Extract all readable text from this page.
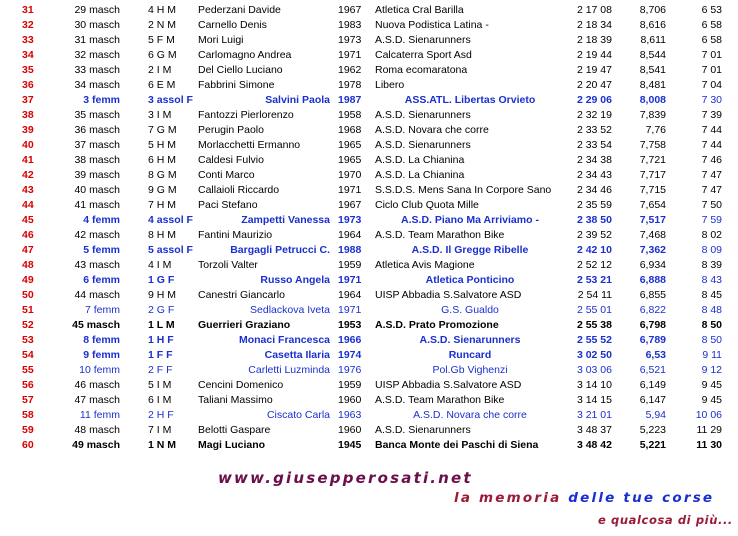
31	29 masch	4 H M	Pederzani Davide	1967	Atletica Cral Barilla	2 17 08	8,706	6 53
32	30 masch	2 N M	Carnello Denis	1983	Nuova Podistica Latina -	2 18 34	8,616	6 58
33	31 masch	5 F M	Mori Luigi	1973	A.S.D. Sienarunners	2 18 39	8,611	6 58
34	32 masch	6 G M	Carlomagno Andrea	1971	Calcaterra Sport Asd	2 19 44	8,544	7 01
35	33 masch	2 I M	Del Ciello Luciano	1962	Roma ecomaratona	2 19 47	8,541	7 01
36	34 masch	6 E M	Fabbrini Simone	1978	Libero	2 20 47	8,481	7 04
37	3 femm	3 assol F	Salvini Paola 1987	ASS.ATL. Libertas Orvieto	2 29 06	8,008	7 30
38	35 masch	3 I M	Fantozzi Pierlorenzo	1958	A.S.D. Sienarunners	2 32 19	7,839	7 39
39	36 masch	7 G M	Perugin Paolo	1968	A.S.D. Novara che corre	2 33 52	7,76	7 44
40	37 masch	5 H M	Morlacchetti Ermanno	1965	A.S.D. Sienarunners	2 33 54	7,758	7 44
41	38 masch	6 H M	Caldesi Fulvio	1965	A.S.D. La Chianina	2 34 38	7,721	7 46
42	39 masch	8 G M	Conti Marco	1970	A.S.D. La Chianina	2 34 43	7,717	7 47
43	40 masch	9 G M	Callaioli Riccardo	1971	S.S.D.S. Mens Sana In Corpore Sano	2 34 46	7,715	7 47
44	41 masch	7 H M	Paci Stefano	1967	Ciclo Club Quota Mille	2 35 59	7,654	7 50
45	4 femm	4 assol F	Zampetti Vanessa 1973	A.S.D. Piano Ma Arriviamo -	2 38 50	7,517	7 59
46	42 masch	8 H M	Fantini Maurizio	1964	A.S.D. Team Marathon Bike	2 39 52	7,468	8 02
47	5 femm	5 assol F	Bargagli Petrucci C. 1988	A.S.D. Il Gregge Ribelle	2 42 10	7,362	8 09
48	43 masch	4 I M	Torzoli Valter	1959	Atletica Avis Magione	2 52 12	6,934	8 39
49	6 femm	1 G F	Russo Angela 1971	Atletica Ponticino	2 53 21	6,888	8 43
50	44 masch	9 H M	Canestri Giancarlo	1964	UISP Abbadia S.Salvatore ASD	2 54 11	6,855	8 45
51	7 femm	2 G F	Sedlackova Iveta 1971	G.S. Gualdo	2 55 01	6,822	8 48
52	45 masch	1 L M	Guerrieri Graziano	1953	A.S.D. Prato Promozione	2 55 38	6,798	8 50
53	8 femm	1 H F	Monaci Francesca 1966	A.S.D. Sienarunners	2 55 52	6,789	8 50
54	9 femm	1 F F	Casetta Ilaria 1974	Runcard	3 02 50	6,53	9 11
55	10 femm	2 F F	Carletti Luzminda 1976	Pol.Gb Vighenzi	3 03 06	6,521	9 12
56	46 masch	5 I M	Cencini Domenico	1959	UISP Abbadia S.Salvatore ASD	3 14 10	6,149	9 45
57	47 masch	6 I M	Taliani Massimo	1960	A.S.D. Team Marathon Bike	3 14 15	6,147	9 45
58	11 femm	2 H F	Ciscato Carla 1963	A.S.D. Novara che corre	3 21 01	5,94	10 06
59	48 masch	7 I M	Belotti Gaspare	1960	A.S.D. Sienarunners	3 48 37	5,223	11 29
60	49 masch	1 N M	Magi Luciano	1945	Banca Monte dei Paschi di Siena	3 48 42	5,221	11 30
www.giusepperosati.net
la memoria delle tue corse
e qualcosa di più...
